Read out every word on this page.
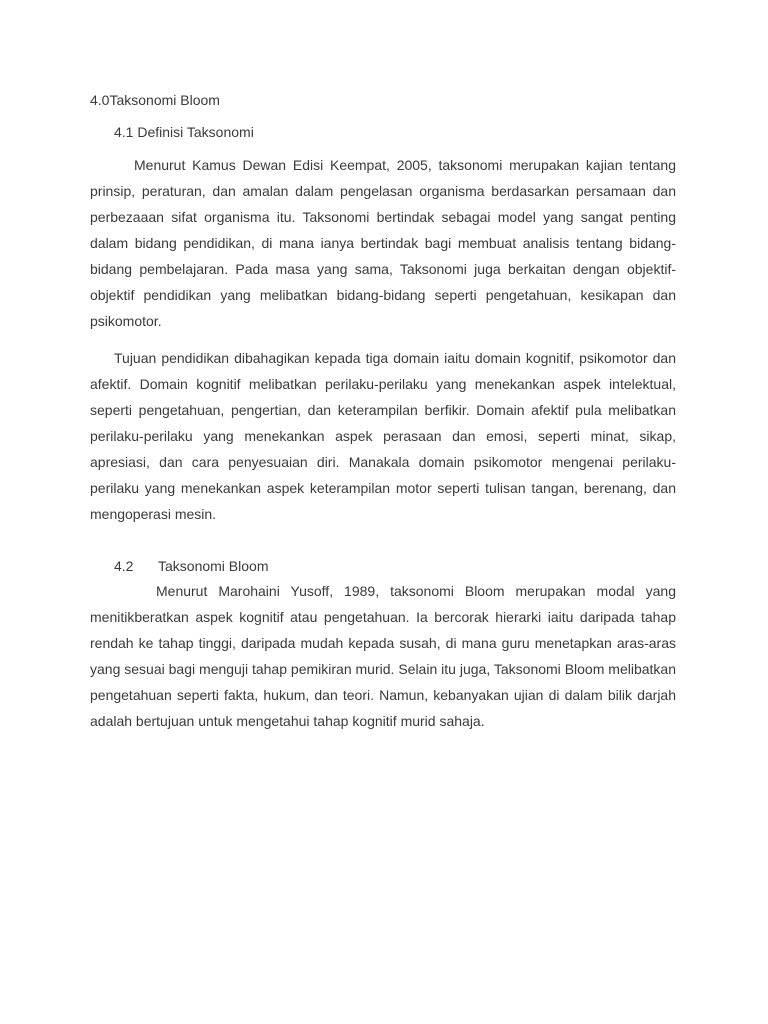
4.0Taksonomi Bloom
4.1 Definisi Taksonomi

Menurut Kamus Dewan Edisi Keempat, 2005, taksonomi merupakan kajian tentang prinsip, peraturan, dan amalan dalam pengelasan organisma berdasarkan persamaan dan perbezaaan sifat organisma itu. Taksonomi bertindak sebagai model yang sangat penting dalam bidang pendidikan, di mana ianya bertindak bagi membuat analisis tentang bidang-bidang pembelajaran. Pada masa yang sama, Taksonomi juga berkaitan dengan objektif-objektif pendidikan yang melibatkan bidang-bidang seperti pengetahuan, kesikapan dan psikomotor.

Tujuan pendidikan dibahagikan kepada tiga domain iaitu domain kognitif, psikomotor dan afektif. Domain kognitif melibatkan perilaku-perilaku yang menekankan aspek intelektual, seperti pengetahuan, pengertian, dan keterampilan berfikir. Domain afektif pula melibatkan perilaku-perilaku yang menekankan aspek perasaan dan emosi, seperti minat, sikap, apresiasi, dan cara penyesuaian diri. Manakala domain psikomotor mengenai perilaku-perilaku yang menekankan aspek keterampilan motor seperti tulisan tangan, berenang, dan mengoperasi mesin.

4.2 Taksonomi Bloom

Menurut Marohaini Yusoff, 1989, taksonomi Bloom merupakan modal yang menitikberatkan aspek kognitif atau pengetahuan. Ia bercorak hierarki iaitu daripada tahap rendah ke tahap tinggi, daripada mudah kepada susah, di mana guru menetapkan aras-aras yang sesuai bagi menguji tahap pemikiran murid. Selain itu juga, Taksonomi Bloom melibatkan pengetahuan seperti fakta, hukum, dan teori. Namun, kebanyakan ujian di dalam bilik darjah adalah bertujuan untuk mengetahui tahap kognitif murid sahaja.
